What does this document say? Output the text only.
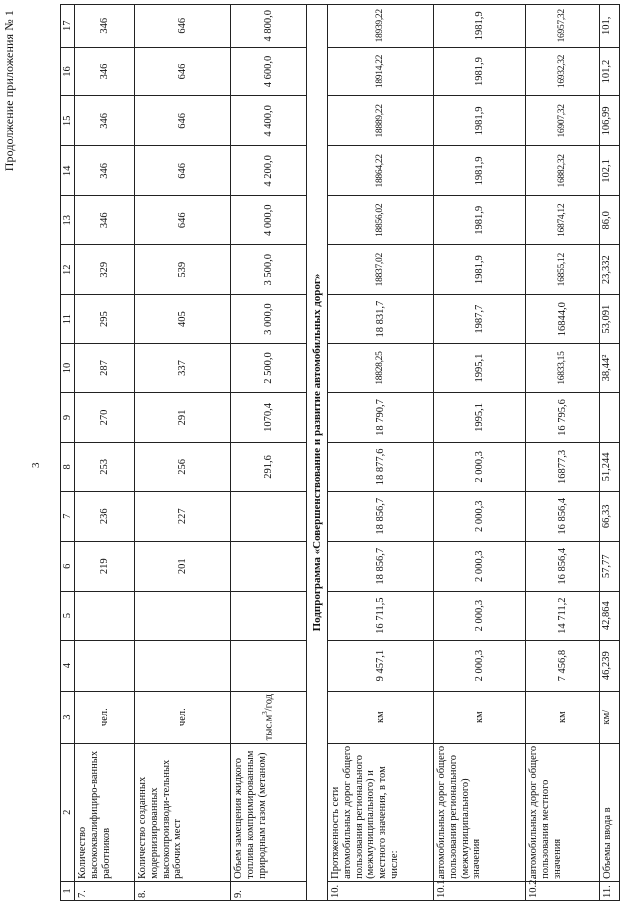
Продолжение приложения № 1
3
1	2	3	4	5	6	7	8	9	10	11	12	13	14	15	16	17
7.	Количество высококвалифициро-ванных работников	чел.			219	236	253	270	287	295	329	346	346	346	346	346
8.	Количество созданных модернизированных высокопроизводи-тельных рабочих мест	чел.			201	227	256	291	337	405	539	646	646	646	646	646
9.	Объем замещения жидкого топлива компримированным природным газом (метаном)	$тыс.м^3$/год					291,6	1070,4	2 500,0	3 000,0	3 500,0	4 000,0	4 200,0	4 400,0	4 600,0	4 800,0
Подпрограмма «Совершенствование и развитие автомобильных дорог»																
10.	Протяженность сети автомобильных дорог общего пользования регионального (межмуниципального) и местного значения, в том числе:	км	9 457,1	16 711,5	18 856,7	18 856,7	18 877,6	18 790,7	18828,25	18 831,7	18837,02	18856,02	18864,22	18889,22	18914,22	18939,22
10.1.	автомобильных дорог общего пользования регионального (межмуниципального) значения	км	2 000,3	2 000,3	2 000,3	2 000,3	2 000,3	1995,1	1995,1	1987,7	1981,9	1981,9	1981,9	1981,9	1981,9	1981,9
10.2.	автомобильных дорог общего пользования местного значения	км	7 456,8	14 711,2	16 856,4	16 856,4	16877,3	16 795,6	16833,15	16844,0	16855,12	16874,12	16882,32	16907,32	16932,32	16957,32
11.	Объемы ввода в	км/	46,239	42,864	57,77	66,33	51,244		38,44²	53,091	23,332	86,0	102,1	106,99	101,2	101,
